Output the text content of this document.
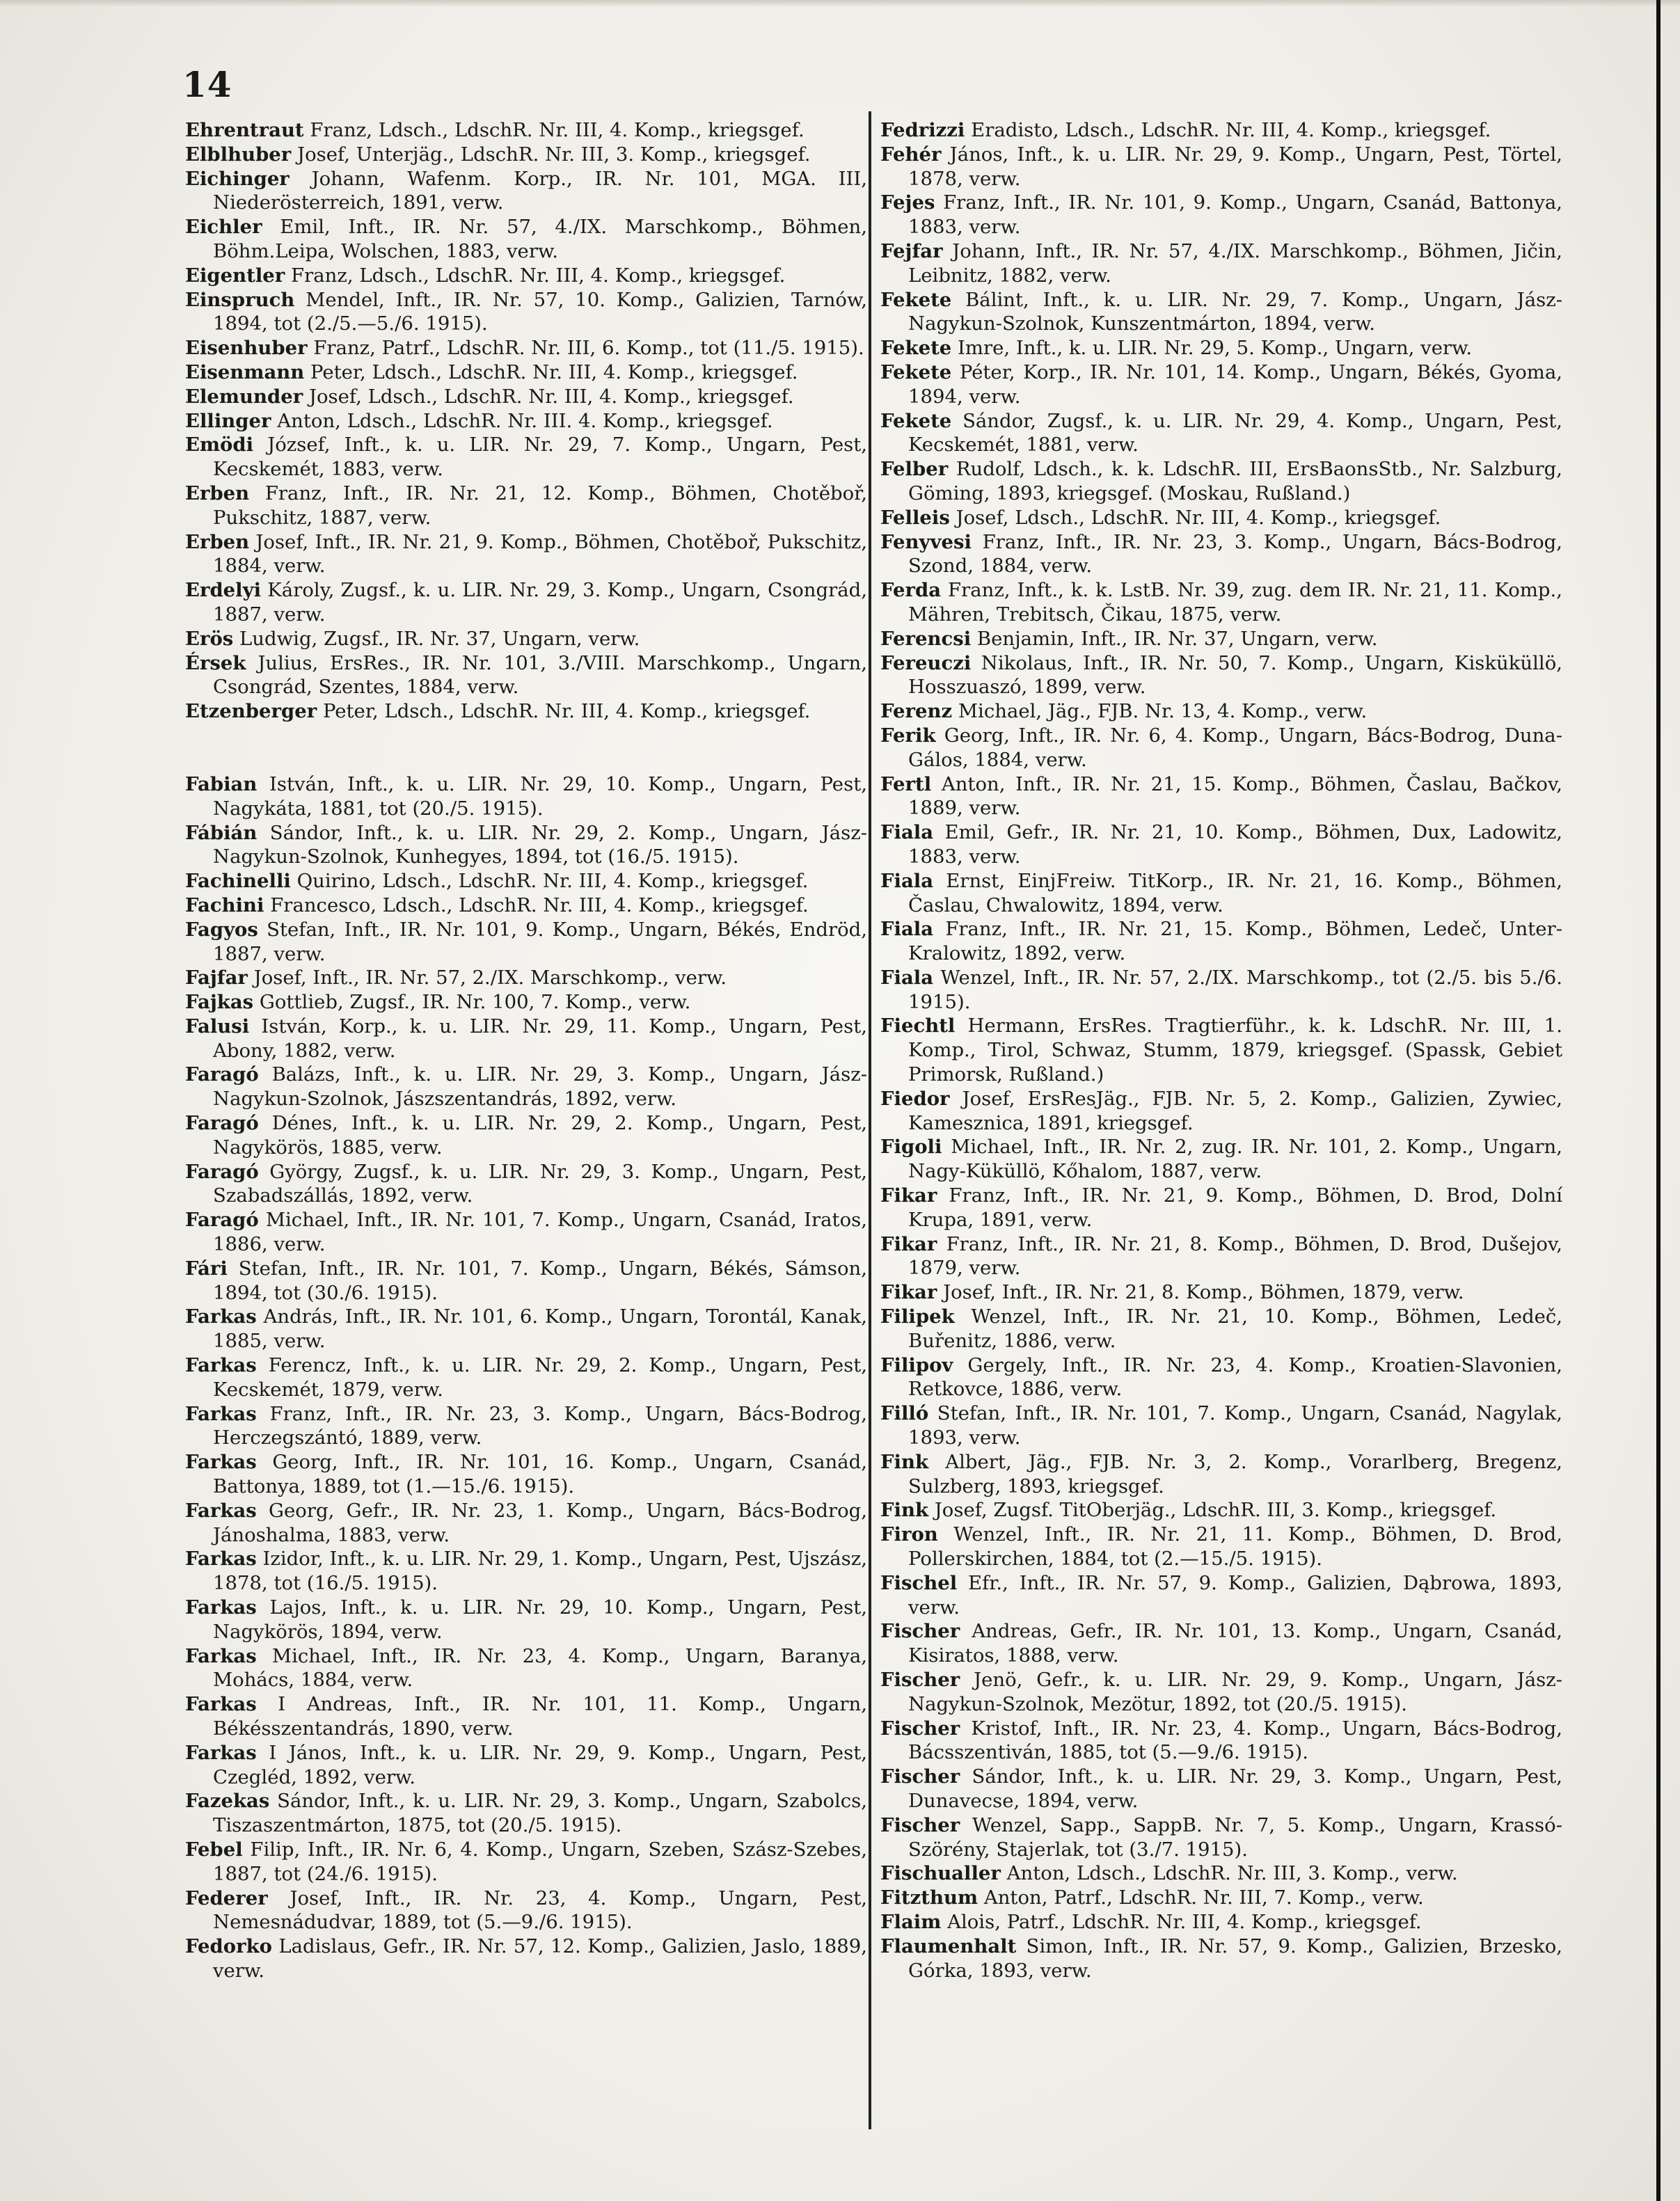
14

Ehrentraut Franz, Ldsch., LdschR. Nr. III, 4. Komp., kriegsgef.

Elblhuber Josef, Unterjäg., LdschR. Nr. III, 3. Komp., kriegsgef.

Eichinger Johann, Wafenm. Korp., IR. Nr. 101, MGA. III, Niederösterreich, 1891, verw.

Eichler Emil, Inft., IR. Nr. 57, 4./IX. Marschkomp., Böhmen, Böhm.Leipa, Wolschen, 1883, verw.

Eigentler Franz, Ldsch., LdschR. Nr. III, 4. Komp., kriegsgef.

Einspruch Mendel, Inft., IR. Nr. 57, 10. Komp., Galizien, Tarnów, 1894, tot (2./5.—5./6. 1915).

Eisenhuber Franz, Patrf., LdschR. Nr. III, 6. Komp., tot (11./5. 1915).

Eisenmann Peter, Ldsch., LdschR. Nr. III, 4. Komp., kriegsgef.

Elemunder Josef, Ldsch., LdschR. Nr. III, 4. Komp., kriegsgef.

Ellinger Anton, Ldsch., LdschR. Nr. III. 4. Komp., kriegsgef.

Emödi József, Inft., k. u. LIR. Nr. 29, 7. Komp., Ungarn, Pest, Kecskemét, 1883, verw.

Erben Franz, Inft., IR. Nr. 21, 12. Komp., Böhmen, Chotěboř, Pukschitz, 1887, verw.

Erben Josef, Inft., IR. Nr. 21, 9. Komp., Böhmen, Chotěboř, Pukschitz, 1884, verw.

Erdelyi Károly, Zugsf., k. u. LIR. Nr. 29, 3. Komp., Ungarn, Csongrád, 1887, verw.

Erös Ludwig, Zugsf., IR. Nr. 37, Ungarn, verw.

Érsek Julius, ErsRes., IR. Nr. 101, 3./VIII. Marschkomp., Ungarn, Csongrád, Szentes, 1884, verw.

Etzenberger Peter, Ldsch., LdschR. Nr. III, 4. Komp., kriegsgef.

Fabian István, Inft., k. u. LIR. Nr. 29, 10. Komp., Ungarn, Pest, Nagykáta, 1881, tot (20./5. 1915).

Fábián Sándor, Inft., k. u. LIR. Nr. 29, 2. Komp., Ungarn, Jász-Nagykun-Szolnok, Kunhegyes, 1894, tot (16./5. 1915).

Fachinelli Quirino, Ldsch., LdschR. Nr. III, 4. Komp., kriegsgef.

Fachini Francesco, Ldsch., LdschR. Nr. III, 4. Komp., kriegsgef.

Fagyos Stefan, Inft., IR. Nr. 101, 9. Komp., Ungarn, Békés, Endröd, 1887, verw.

Fajfar Josef, Inft., IR. Nr. 57, 2./IX. Marschkomp., verw.

Fajkas Gottlieb, Zugsf., IR. Nr. 100, 7. Komp., verw.

Falusi István, Korp., k. u. LIR. Nr. 29, 11. Komp., Ungarn, Pest, Abony, 1882, verw.

Faragó Balázs, Inft., k. u. LIR. Nr. 29, 3. Komp., Ungarn, Jász-Nagykun-Szolnok, Jászszentandrás, 1892, verw.

Faragó Dénes, Inft., k. u. LIR. Nr. 29, 2. Komp., Ungarn, Pest, Nagykörös, 1885, verw.

Faragó György, Zugsf., k. u. LIR. Nr. 29, 3. Komp., Ungarn, Pest, Szabadszállás, 1892, verw.

Faragó Michael, Inft., IR. Nr. 101, 7. Komp., Ungarn, Csanád, Iratos, 1886, verw.

Fári Stefan, Inft., IR. Nr. 101, 7. Komp., Ungarn, Békés, Sámson, 1894, tot (30./6. 1915).

Farkas András, Inft., IR. Nr. 101, 6. Komp., Ungarn, Torontál, Kanak, 1885, verw.

Farkas Ferencz, Inft., k. u. LIR. Nr. 29, 2. Komp., Ungarn, Pest, Kecskemét, 1879, verw.

Farkas Franz, Inft., IR. Nr. 23, 3. Komp., Ungarn, Bács-Bodrog, Herczegszántó, 1889, verw.

Farkas Georg, Inft., IR. Nr. 101, 16. Komp., Ungarn, Csanád, Battonya, 1889, tot (1.—15./6. 1915).

Farkas Georg, Gefr., IR. Nr. 23, 1. Komp., Ungarn, Bács-Bodrog, Jánoshalma, 1883, verw.

Farkas Izidor, Inft., k. u. LIR. Nr. 29, 1. Komp., Ungarn, Pest, Ujszász, 1878, tot (16./5. 1915).

Farkas Lajos, Inft., k. u. LIR. Nr. 29, 10. Komp., Ungarn, Pest, Nagykörös, 1894, verw.

Farkas Michael, Inft., IR. Nr. 23, 4. Komp., Ungarn, Baranya, Mohács, 1884, verw.

Farkas I Andreas, Inft., IR. Nr. 101, 11. Komp., Ungarn, Békésszentandrás, 1890, verw.

Farkas I János, Inft., k. u. LIR. Nr. 29, 9. Komp., Ungarn, Pest, Czegléd, 1892, verw.

Fazekas Sándor, Inft., k. u. LIR. Nr. 29, 3. Komp., Ungarn, Szabolcs, Tiszaszentmárton, 1875, tot (20./5. 1915).

Febel Filip, Inft., IR. Nr. 6, 4. Komp., Ungarn, Szeben, Szász-Szebes, 1887, tot (24./6. 1915).

Federer Josef, Inft., IR. Nr. 23, 4. Komp., Ungarn, Pest, Nemesnádudvar, 1889, tot (5.—9./6. 1915).

Fedorko Ladislaus, Gefr., IR. Nr. 57, 12. Komp., Galizien, Jaslo, 1889, verw.

Fedrizzi Eradisto, Ldsch., LdschR. Nr. III, 4. Komp., kriegsgef.

Fehér János, Inft., k. u. LIR. Nr. 29, 9. Komp., Ungarn, Pest, Törtel, 1878, verw.

Fejes Franz, Inft., IR. Nr. 101, 9. Komp., Ungarn, Csanád, Battonya, 1883, verw.

Fejfar Johann, Inft., IR. Nr. 57, 4./IX. Marschkomp., Böhmen, Jičin, Leibnitz, 1882, verw.

Fekete Bálint, Inft., k. u. LIR. Nr. 29, 7. Komp., Ungarn, Jász-Nagykun-Szolnok, Kunszentmárton, 1894, verw.

Fekete Imre, Inft., k. u. LIR. Nr. 29, 5. Komp., Ungarn, verw.

Fekete Péter, Korp., IR. Nr. 101, 14. Komp., Ungarn, Békés, Gyoma, 1894, verw.

Fekete Sándor, Zugsf., k. u. LIR. Nr. 29, 4. Komp., Ungarn, Pest, Kecskemét, 1881, verw.

Felber Rudolf, Ldsch., k. k. LdschR. III, ErsBaonsStb., Nr. Salzburg, Göming, 1893, kriegsgef. (Moskau, Rußland.)

Felleis Josef, Ldsch., LdschR. Nr. III, 4. Komp., kriegsgef.

Fenyvesi Franz, Inft., IR. Nr. 23, 3. Komp., Ungarn, Bács-Bodrog, Szond, 1884, verw.

Ferda Franz, Inft., k. k. LstB. Nr. 39, zug. dem IR. Nr. 21, 11. Komp., Mähren, Trebitsch, Čikau, 1875, verw.

Ferencsi Benjamin, Inft., IR. Nr. 37, Ungarn, verw.

Fereuczi Nikolaus, Inft., IR. Nr. 50, 7. Komp., Ungarn, Kisküküllö, Hosszuaszó, 1899, verw.

Ferenz Michael, Jäg., FJB. Nr. 13, 4. Komp., verw.

Ferik Georg, Inft., IR. Nr. 6, 4. Komp., Ungarn, Bács-Bodrog, Duna-Gálos, 1884, verw.

Fertl Anton, Inft., IR. Nr. 21, 15. Komp., Böhmen, Časlau, Bačkov, 1889, verw.

Fiala Emil, Gefr., IR. Nr. 21, 10. Komp., Böhmen, Dux, Ladowitz, 1883, verw.

Fiala Ernst, EinjFreiw. TitKorp., IR. Nr. 21, 16. Komp., Böhmen, Časlau, Chwalowitz, 1894, verw.

Fiala Franz, Inft., IR. Nr. 21, 15. Komp., Böhmen, Ledeč, Unter-Kralowitz, 1892, verw.

Fiala Wenzel, Inft., IR. Nr. 57, 2./IX. Marschkomp., tot (2./5. bis 5./6. 1915).

Fiechtl Hermann, ErsRes. Tragtierführ., k. k. LdschR. Nr. III, 1. Komp., Tirol, Schwaz, Stumm, 1879, kriegsgef. (Spassk, Gebiet Primorsk, Rußland.)

Fiedor Josef, ErsResJäg., FJB. Nr. 5, 2. Komp., Galizien, Zywiec, Kamesznica, 1891, kriegsgef.

Figoli Michael, Inft., IR. Nr. 2, zug. IR. Nr. 101, 2. Komp., Ungarn, Nagy-Küküllö, Kőhalom, 1887, verw.

Fikar Franz, Inft., IR. Nr. 21, 9. Komp., Böhmen, D. Brod, Dolní Krupa, 1891, verw.

Fikar Franz, Inft., IR. Nr. 21, 8. Komp., Böhmen, D. Brod, Dušejov, 1879, verw.

Fikar Josef, Inft., IR. Nr. 21, 8. Komp., Böhmen, 1879, verw.

Filipek Wenzel, Inft., IR. Nr. 21, 10. Komp., Böhmen, Ledeč, Buřenitz, 1886, verw.

Filipov Gergely, Inft., IR. Nr. 23, 4. Komp., Kroatien-Slavonien, Retkovce, 1886, verw.

Filló Stefan, Inft., IR. Nr. 101, 7. Komp., Ungarn, Csanád, Nagylak, 1893, verw.

Fink Albert, Jäg., FJB. Nr. 3, 2. Komp., Vorarlberg, Bregenz, Sulzberg, 1893, kriegsgef.

Fink Josef, Zugsf. TitOberjäg., LdschR. III, 3. Komp., kriegsgef.

Firon Wenzel, Inft., IR. Nr. 21, 11. Komp., Böhmen, D. Brod, Pollerskirchen, 1884, tot (2.—15./5. 1915).

Fischel Efr., Inft., IR. Nr. 57, 9. Komp., Galizien, Dąbrowa, 1893, verw.

Fischer Andreas, Gefr., IR. Nr. 101, 13. Komp., Ungarn, Csanád, Kisiratos, 1888, verw.

Fischer Jenö, Gefr., k. u. LIR. Nr. 29, 9. Komp., Ungarn, Jász-Nagykun-Szolnok, Mezötur, 1892, tot (20./5. 1915).

Fischer Kristof, Inft., IR. Nr. 23, 4. Komp., Ungarn, Bács-Bodrog, Bácsszentiván, 1885, tot (5.—9./6. 1915).

Fischer Sándor, Inft., k. u. LIR. Nr. 29, 3. Komp., Ungarn, Pest, Dunavecse, 1894, verw.

Fischer Wenzel, Sapp., SappB. Nr. 7, 5. Komp., Ungarn, Krassó-Szörény, Stajerlak, tot (3./7. 1915).

Fischualler Anton, Ldsch., LdschR. Nr. III, 3. Komp., verw.

Fitzthum Anton, Patrf., LdschR. Nr. III, 7. Komp., verw.

Flaim Alois, Patrf., LdschR. Nr. III, 4. Komp., kriegsgef.

Flaumenhalt Simon, Inft., IR. Nr. 57, 9. Komp., Galizien, Brzesko, Górka, 1893, verw.
